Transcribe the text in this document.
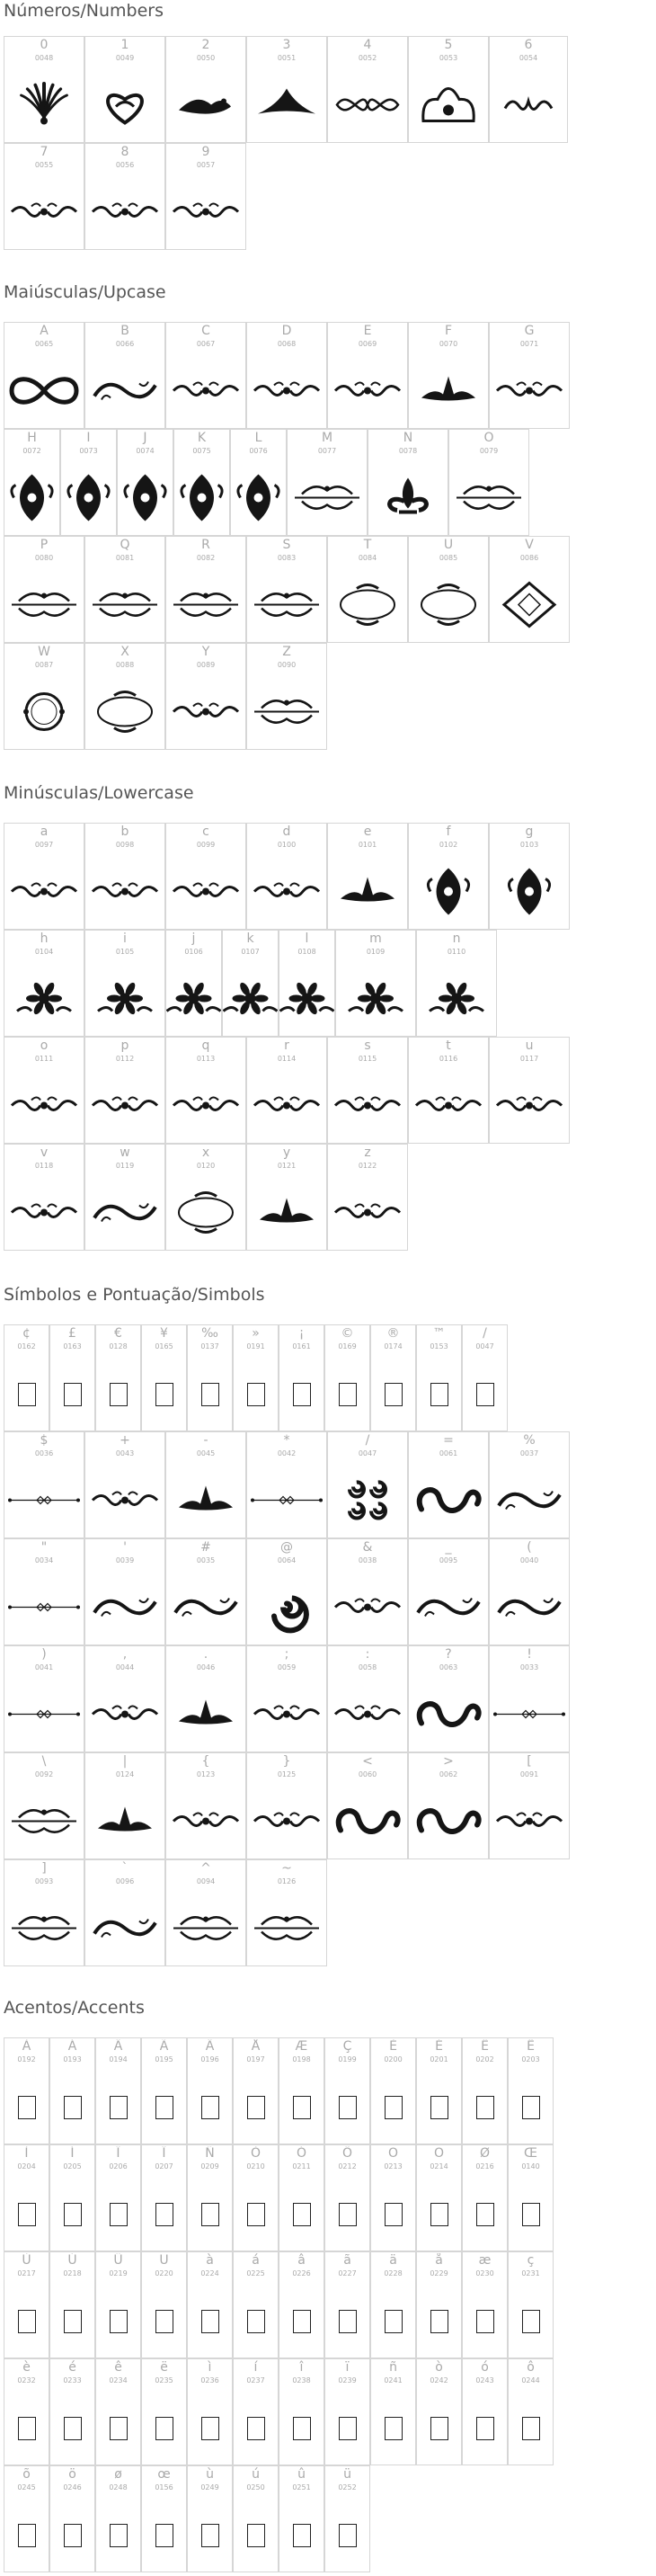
Números/Numbers
0
0048
1
0049
2
0050
3
0051
4
0052
5
0053
6
0054
7
0055
8
0056
9
0057
Maiúsculas/Upcase
A
0065
B
0066
C
0067
D
0068
E
0069
F
0070
G
0071
H
0072
I
0073
J
0074
K
0075
L
0076
M
0077
N
0078
O
0079
P
0080
Q
0081
R
0082
S
0083
T
0084
U
0085
V
0086
W
0087
X
0088
Y
0089
Z
0090
Minúsculas/Lowercase
a
0097
b
0098
c
0099
d
0100
e
0101
f
0102
g
0103
h
0104
i
0105
j
0106
k
0107
l
0108
m
0109
n
0110
o
0111
p
0112
q
0113
r
0114
s
0115
t
0116
u
0117
v
0118
w
0119
x
0120
y
0121
z
0122
Símbolos e Pontuação/Simbols
¢
0162
£
0163
€
0128
¥
0165
‰
0137
»
0191
¡
0161
©
0169
®
0174
™
0153
/
0047
$
0036
+
0043
-
0045
*
0042
/
0047
=
0061
%
0037
"
0034
'
0039
#
0035
@
0064
&
0038
_
0095
(
0040
)
0041
,
0044
.
0046
;
0059
:
0058
?
0063
!
0033
\
0092
|
0124
{
0123
}
0125
<
0060
>
0062
[
0091
]
0093
`
0096
^
0094
~
0126
Acentos/Accents
À
0192
Á
0193
Â
0194
Ã
0195
Ä
0196
Å
0197
Æ
0198
Ç
0199
È
0200
É
0201
Ê
0202
Ë
0203
Ì
0204
Í
0205
Î
0206
Ï
0207
Ñ
0209
Ò
0210
Ó
0211
Ô
0212
Õ
0213
Ö
0214
Ø
0216
Œ
0140
Ù
0217
Ú
0218
Û
0219
Ü
0220
à
0224
á
0225
â
0226
ã
0227
ä
0228
å
0229
æ
0230
ç
0231
è
0232
é
0233
ê
0234
ë
0235
ì
0236
í
0237
î
0238
ï
0239
ñ
0241
ò
0242
ó
0243
ô
0244
õ
0245
ö
0246
ø
0248
œ
0156
ù
0249
ú
0250
û
0251
ü
0252
